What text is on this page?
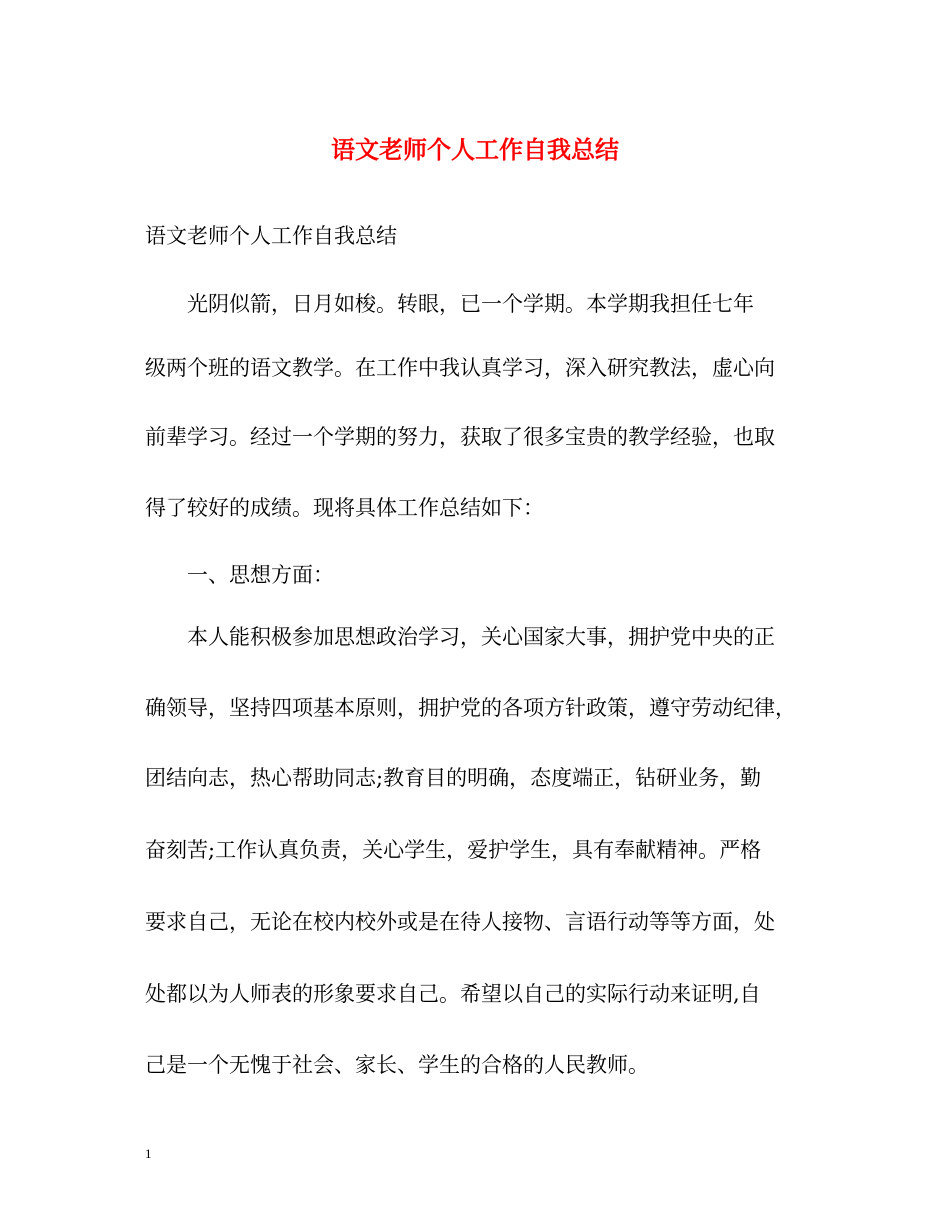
语文老师个人工作自我总结
语文老师个人工作自我总结
　　光阴似箭，日月如梭。转眼，已一个学期。本学期我担任七年
级两个班的语文教学。在工作中我认真学习，深入研究教法，虚心向
前辈学习。经过一个学期的努力，获取了很多宝贵的教学经验，也取
得了较好的成绩。现将具体工作总结如下：
　　一、思想方面：
　　本人能积极参加思想政治学习，关心国家大事，拥护党中央的正
确领导，坚持四项基本原则，拥护党的各项方针政策，遵守劳动纪律，
团结向志，热心帮助同志;教育目的明确，态度端正，钻研业务，勤
奋刻苦;工作认真负责，关心学生，爱护学生，具有奉献精神。严格
要求自己，无论在校内校外或是在待人接物、言语行动等等方面，处
处都以为人师表的形象要求自己。希望以自己的实际行动来证明,自
己是一个无愧于社会、家长、学生的合格的人民教师。
1
